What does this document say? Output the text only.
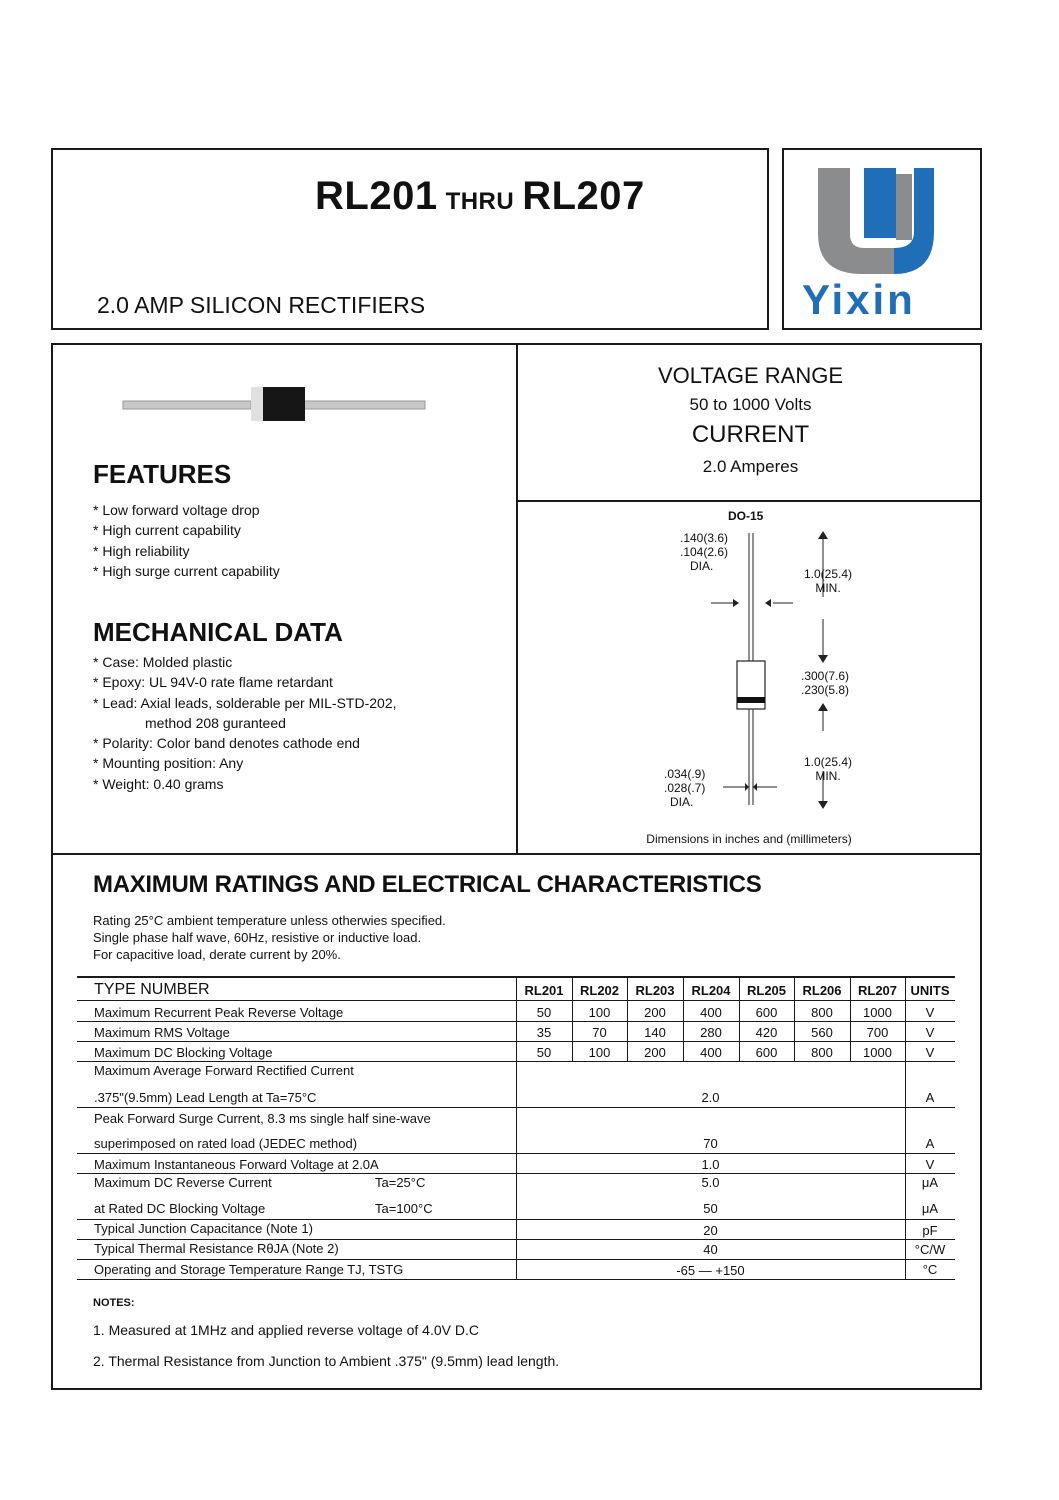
RL201 THRU RL207
2.0 AMP SILICON RECTIFIERS	Yixin
FEATURES
* Low forward voltage drop
* High current capability
* High reliability
* High surge current capability
MECHANICAL DATA
* Case: Molded plastic
* Epoxy: UL 94V-0 rate flame retardant
* Lead: Axial leads, solderable per MIL-STD-202,
method 208 guranteed
* Polarity: Color band denotes cathode end
* Mounting position: Any
* Weight: 0.40 grams
VOLTAGE RANGE
50 to 1000 Volts
CURRENT
2.0 Amperes
DO-15
.140(3.6)
.104(2.6)
DIA.
1.0(25.4)
MIN.
.300(7.6)
.230(5.8)
1.0(25.4)
MIN.
.034(.9)
.028(.7)
DIA.
Dimensions in inches and (millimeters)
MAXIMUM RATINGS AND ELECTRICAL CHARACTERISTICS
Rating 25°C ambient temperature unless otherwies specified.
Single phase half wave, 60Hz, resistive or inductive load.
For capacitive load, derate current by 20%.
TYPE NUMBER	RL201	RL202	RL203	RL204	RL205	RL206	RL207	UNITS
Maximum Recurrent Peak Reverse Voltage	50	100	200	400	600	800	1000	V
Maximum RMS Voltage	35	70	140	280	420	560	700	V
Maximum DC Blocking Voltage	50	100	200	400	600	800	1000	V
Maximum Average Forward Rectified Current
.375"(9.5mm) Lead Length at Ta=75°C	2.0	A
Peak Forward Surge Current, 8.3 ms single half sine-wave
superimposed on rated load (JEDEC method)	70	A
Maximum Instantaneous Forward Voltage at 2.0A	1.0	V
Maximum DC Reverse Current	Ta=25°C	5.0	μA
at Rated DC Blocking Voltage	Ta=100°C	50	μA
Typical Junction Capacitance (Note 1)	20	pF
Typical Thermal Resistance RθJA (Note 2)	40	°C/W
Operating and Storage Temperature Range TJ, TSTG	-65 — +150	°C
NOTES:
1. Measured at 1MHz and applied reverse voltage of 4.0V D.C
2. Thermal Resistance from Junction to Ambient .375" (9.5mm) lead length.
